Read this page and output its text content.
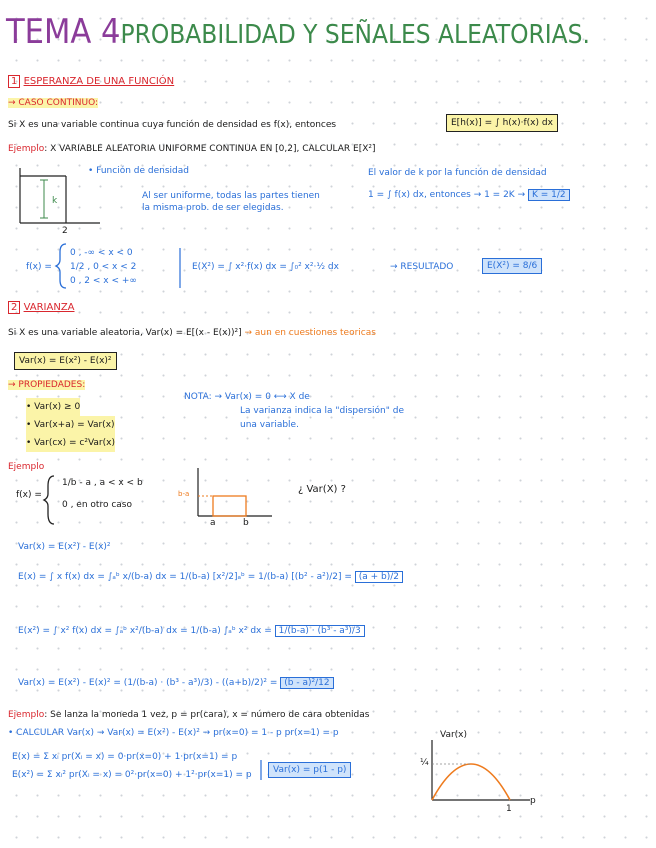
TEMA 4PROBABILIDAD Y SEÑALES ALEATORIAS.
1 ESPERANZA DE UNA FUNCIÓN
→ CASO CONTINUO:
Si X es una variable continua cuya función de densidad es f(x), entonces	E[h(x)] = ∫ h(x)·f(x) dx
Ejemplo: X VARIABLE ALEATORIA UNIFORME CONTINUA EN [0,2], CALCULAR E[X²]
• Función de densidad
Al ser uniforme, todas las partes tienen la misma prob. de ser elegidas.
k
2
El valor de k por la función de densidad
1 = ∫ f(x) dx, entonces → 1 = 2K → K = 1/2
f(x) =
0 , -∞ < x < 0
1/2 , 0 < x < 2
0 , 2 < x < +∞
E(X²) = ∫ x²·f(x) dx = ∫₀² x²·½ dx	→ RESULTADO	E(X²) = 8/6
2 VARIANZA
Si X es una variable aleatoria, Var(x) = E[(x - E(x))²] → aun en cuestiones teoricas
Var(x) = E(x²) - E(x)²
→ PROPIEDADES:
• Var(x) ≥ 0
• Var(x+a) = Var(x)
• Var(cx) = c²Var(x)
NOTA: → Var(x) = 0 ⟷ X de
La varianza indica la "dispersión" de
una variable.
Ejemplo
f(x) =
1/b - a , a < x < b
0 , en otro caso
b-a
a	b
¿ Var(X) ?
Var(x) = E(x²) - E(x)²
E(x) = ∫ x f(x) dx = ∫ₐᵇ x/(b-a) dx = 1/(b-a) [x²/2]ₐᵇ = 1/(b-a) [(b² - a²)/2] = (a + b)/2
E(x²) = ∫ x² f(x) dx = ∫ₐᵇ x²/(b-a) dx = 1/(b-a) ∫ₐᵇ x² dx = 1/(b-a) · (b³ - a³)/3
Var(x) = E(x²) - E(x)² = (1/(b-a) · (b³ - a³)/3) - ((a+b)/2)² = (b - a)²/12
Ejemplo: Se lanza la moneda 1 vez, p = pr(cara), x = número de cara obtenidas
• CALCULAR Var(x) → Var(x) = E(x²) - E(x)² → pr(x=0) = 1 - p pr(x=1) = p
E(x) = Σ xᵢ pr(Xᵢ = x) = 0·pr(x=0) + 1·pr(x=1) = p
E(x²) = Σ xᵢ² pr(Xᵢ = x) = 0²·pr(x=0) + 1²·pr(x=1) = p	Var(x) = p(1 - p)
Var(x)
p
¼
1
